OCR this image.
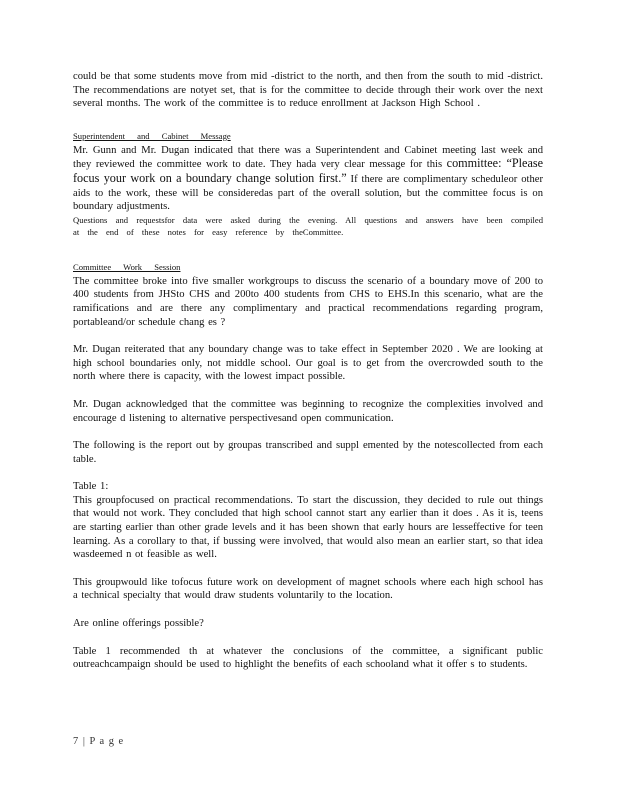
could be that some students move from mid -district to the north, and then from the south to mid -district. The recommendations are notyet set, that is for the committee to decide through their work over the next several months. The work of the committee is to reduce enrollment at Jackson High School .

Superintendent and Cabinet Message

Mr. Gunn and Mr. Dugan indicated that there was a Superintendent and Cabinet meeting last week and they reviewed the committee work to date. They hada very clear message for this committee: “Please focus your work on a boundary change solution first.” If there are complimentary scheduleor other aids to the work, these will be consideredas part of the overall solution, but the committee focus is on boundary adjustments.

Questions and requestsfor data were asked during the evening. All questions and answers have been compiled at the end of these notes for easy reference by theCommittee.

Committee Work Session

The committee broke into five smaller workgroups to discuss the scenario of a boundary move of 200 to 400 students from JHSto CHS and 200to 400 students from CHS to EHS.In this scenario, what are the ramifications and are there any complimentary and practical recommendations regarding program, portableand/or schedule chang es ?

Mr. Dugan reiterated that any boundary change was to take effect in September 2020 . We are looking at high school boundaries only, not middle school. Our goal is to get from the overcrowded south to the north where there is capacity, with the lowest impact possible.

Mr. Dugan acknowledged that the committee was beginning to recognize the complexities involved and encourage d listening to alternative perspectivesand open communication.

The following is the report out by groupas transcribed and suppl emented by the notescollected from each table.

Table 1:

This groupfocused on practical recommendations. To start the discussion, they decided to rule out things that would not work. They concluded that high school cannot start any earlier than it does . As it is, teens are starting earlier than other grade levels and it has been shown that early hours are lesseffective for teen learning. As a corollary to that, if bussing were involved, that would also mean an earlier start, so that idea wasdeemed n ot feasible as well.

This groupwould like tofocus future work on development of magnet schools where each high school has a technical specialty that would draw students voluntarily to the location.

Are online offerings possible?

Table 1 recommended th at whatever the conclusions of the committee, a significant public outreachcampaign should be used to highlight the benefits of each schooland what it offer s to students.

7 | P a g e
